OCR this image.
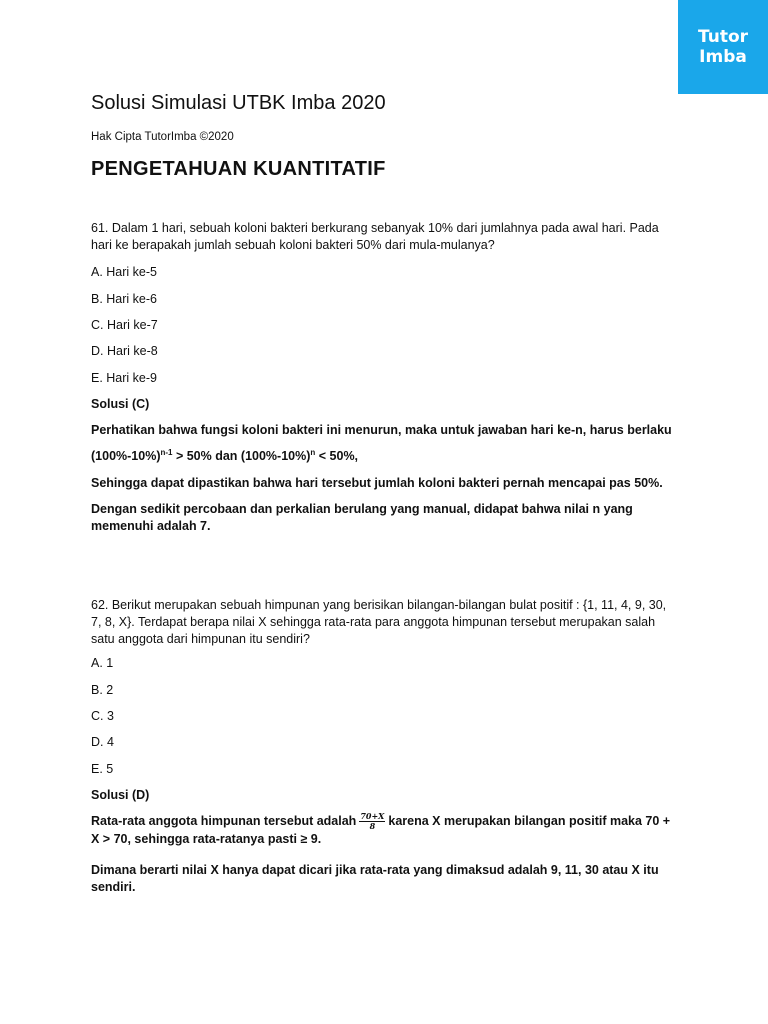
Tutor
Imba
Solusi Simulasi UTBK Imba 2020
Hak Cipta TutorImba ©2020
PENGETAHUAN KUANTITATIF
61. Dalam 1 hari, sebuah koloni bakteri berkurang sebanyak 10% dari jumlahnya pada awal hari. Pada
hari ke berapakah jumlah sebuah koloni bakteri 50% dari mula-mulanya?
A. Hari ke-5
B. Hari ke-6
C. Hari ke-7
D. Hari ke-8
E. Hari ke-9
Solusi (C)
Perhatikan bahwa fungsi koloni bakteri ini menurun, maka untuk jawaban hari ke-n, harus berlaku
$(100\%-10\%)^{n-1} > 50\%$ dan $(100\%-10\%)^n < 50\%$,
Sehingga dapat dipastikan bahwa hari tersebut jumlah koloni bakteri pernah mencapai pas 50%.
Dengan sedikit percobaan dan perkalian berulang yang manual, didapat bahwa nilai n yang
memenuhi adalah 7.
62. Berikut merupakan sebuah himpunan yang berisikan bilangan-bilangan bulat positif : {1, 11, 4, 9, 30,
7, 8, X}. Terdapat berapa nilai X sehingga rata-rata para anggota himpunan tersebut merupakan salah
satu anggota dari himpunan itu sendiri?
A. 1
B. 2
C. 3
D. 4
E. 5
Solusi (D)
Rata-rata anggota himpunan tersebut adalah $\frac{70+X}{8}$ karena X merupakan bilangan positif maka 70 +
X > 70, sehingga rata-ratanya pasti ≥ 9.
Dimana berarti nilai X hanya dapat dicari jika rata-rata yang dimaksud adalah 9, 11, 30 atau X itu
sendiri.
